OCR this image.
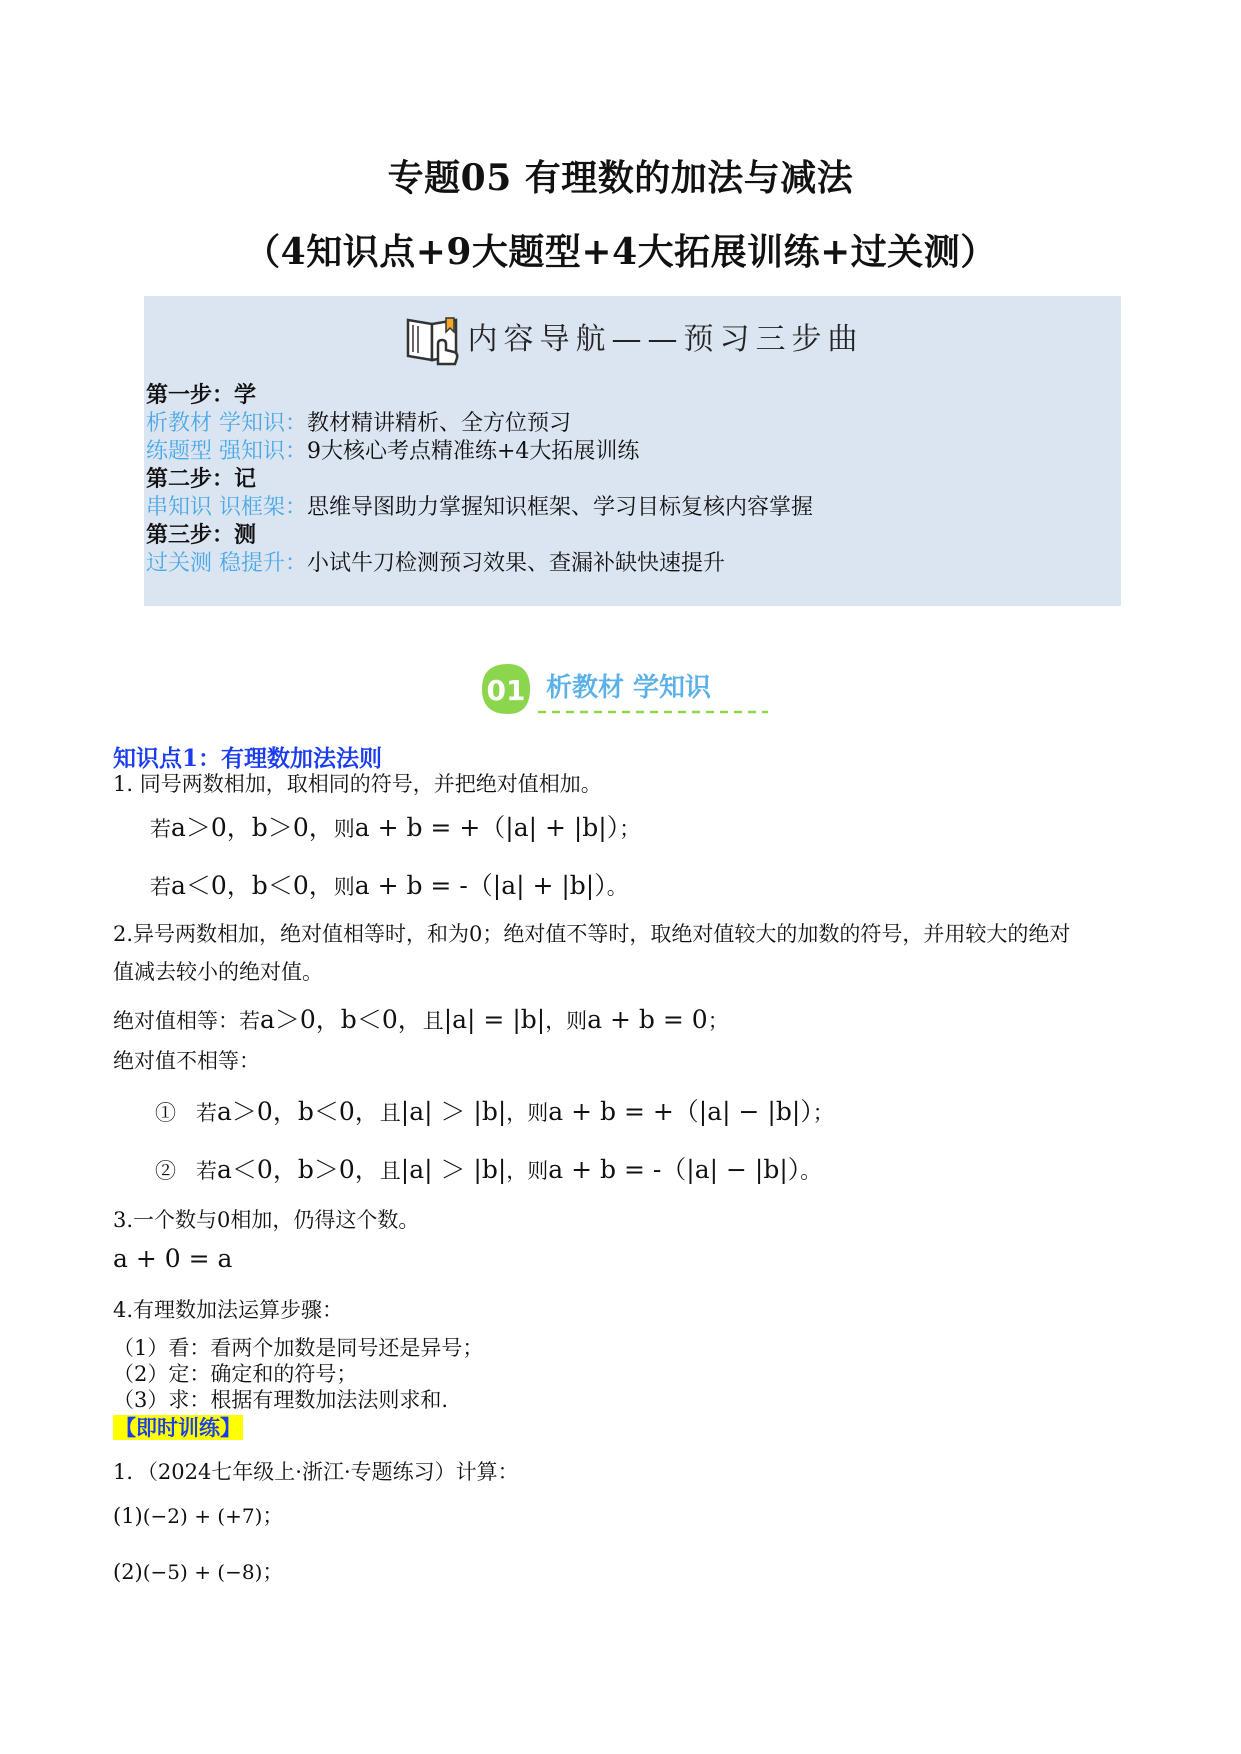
专题05 有理数的加法与减法
（4知识点+9大题型+4大拓展训练+过关测）
内容导航——预习三步曲
第一步：学
析教材 学知识：教材精讲精析、全方位预习
练题型 强知识：9大核心考点精准练+4大拓展训练
第二步：记
串知识 识框架：思维导图助力掌握知识框架、学习目标复核内容掌握
第三步：测
过关测 稳提升：小试牛刀检测预习效果、查漏补缺快速提升
01 析教材 学知识
知识点1：有理数加法法则
1. 同号两数相加，取相同的符号，并把绝对值相加。
若a＞0，b＞0，则a + b = +（|a| + |b|）；
若a＜0，b＜0，则a + b = -（|a| + |b|）。
2.异号两数相加，绝对值相等时，和为0；绝对值不等时，取绝对值较大的加数的符号，并用较大的绝对
值减去较小的绝对值。
绝对值相等：若a＞0，b＜0，且|a| = |b|，则a + b = 0；
绝对值不相等：
① 若a＞0，b＜0，且|a| ＞ |b|，则a + b = +（|a| − |b|）；
② 若a＜0，b＞0，且|a| ＞ |b|，则a + b = -（|a| − |b|）。
3.一个数与0相加，仍得这个数。
a + 0 = a
4.有理数加法运算步骤：
（1）看：看两个加数是同号还是异号；
（2）定：确定和的符号；
（3）求：根据有理数加法法则求和.
【即时训练】
1．（2024七年级上·浙江·专题练习）计算：
(1)(−2) + (+7)；
(2)(−5) + (−8)；
